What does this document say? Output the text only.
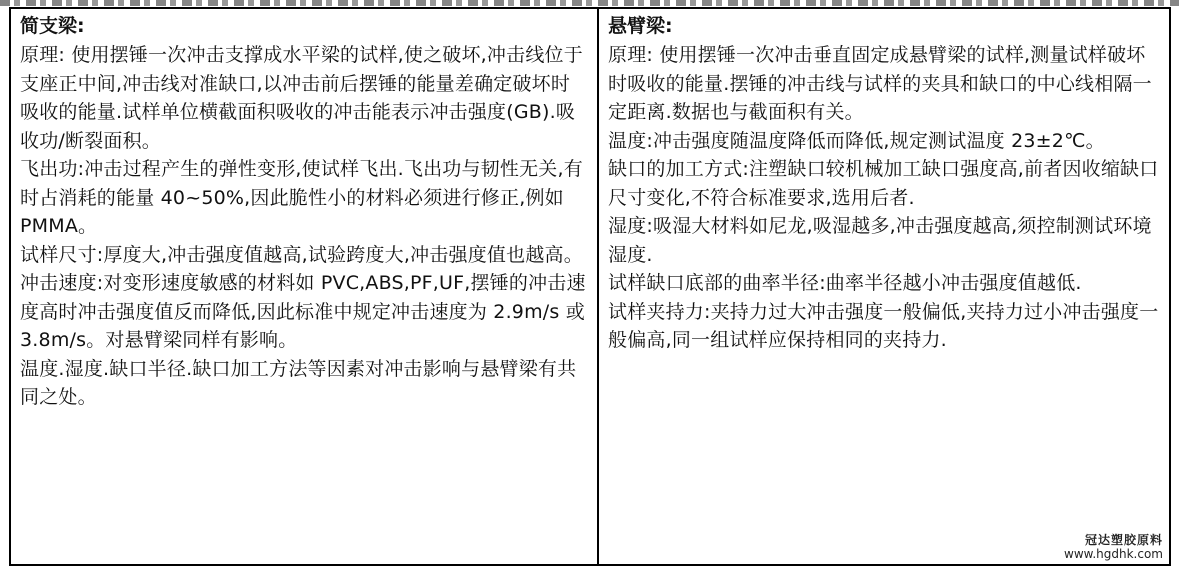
简支梁:

原理: 使用摆锤一次冲击支撑成水平梁的试样,使之破坏,冲击线位于支座正中间,冲击线对准缺口,以冲击前后摆锤的能量差确定破坏时吸收的能量.试样单位横截面积吸收的冲击能表示冲击强度(GB).吸收功/断裂面积。

飞出功:冲击过程产生的弹性变形,使试样飞出.飞出功与韧性无关,有时占消耗的能量 40~50%,因此脆性小的材料必须进行修正,例如 PMMA。

试样尺寸:厚度大,冲击强度值越高,试验跨度大,冲击强度值也越高。

冲击速度:对变形速度敏感的材料如 PVC,ABS,PF,UF,摆锤的冲击速度高时冲击强度值反而降低,因此标准中规定冲击速度为 2.9m/s 或 3.8m/s。对悬臂梁同样有影响。

温度.湿度.缺口半径.缺口加工方法等因素对冲击影响与悬臂梁有共同之处。

悬臂梁:

原理: 使用摆锤一次冲击垂直固定成悬臂梁的试样,测量试样破坏时吸收的能量.摆锤的冲击线与试样的夹具和缺口的中心线相隔一定距离.数据也与截面积有关。

温度:冲击强度随温度降低而降低,规定测试温度 23±2℃。

缺口的加工方式:注塑缺口较机械加工缺口强度高,前者因收缩缺口尺寸变化,不符合标准要求,选用后者.

湿度:吸湿大材料如尼龙,吸湿越多,冲击强度越高,须控制测试环境湿度.

试样缺口底部的曲率半径:曲率半径越小冲击强度值越低.

试样夹持力:夹持力过大冲击强度一般偏低,夹持力过小冲击强度一般偏高,同一组试样应保持相同的夹持力.

冠达塑胶原料
www.hgdhk.com
